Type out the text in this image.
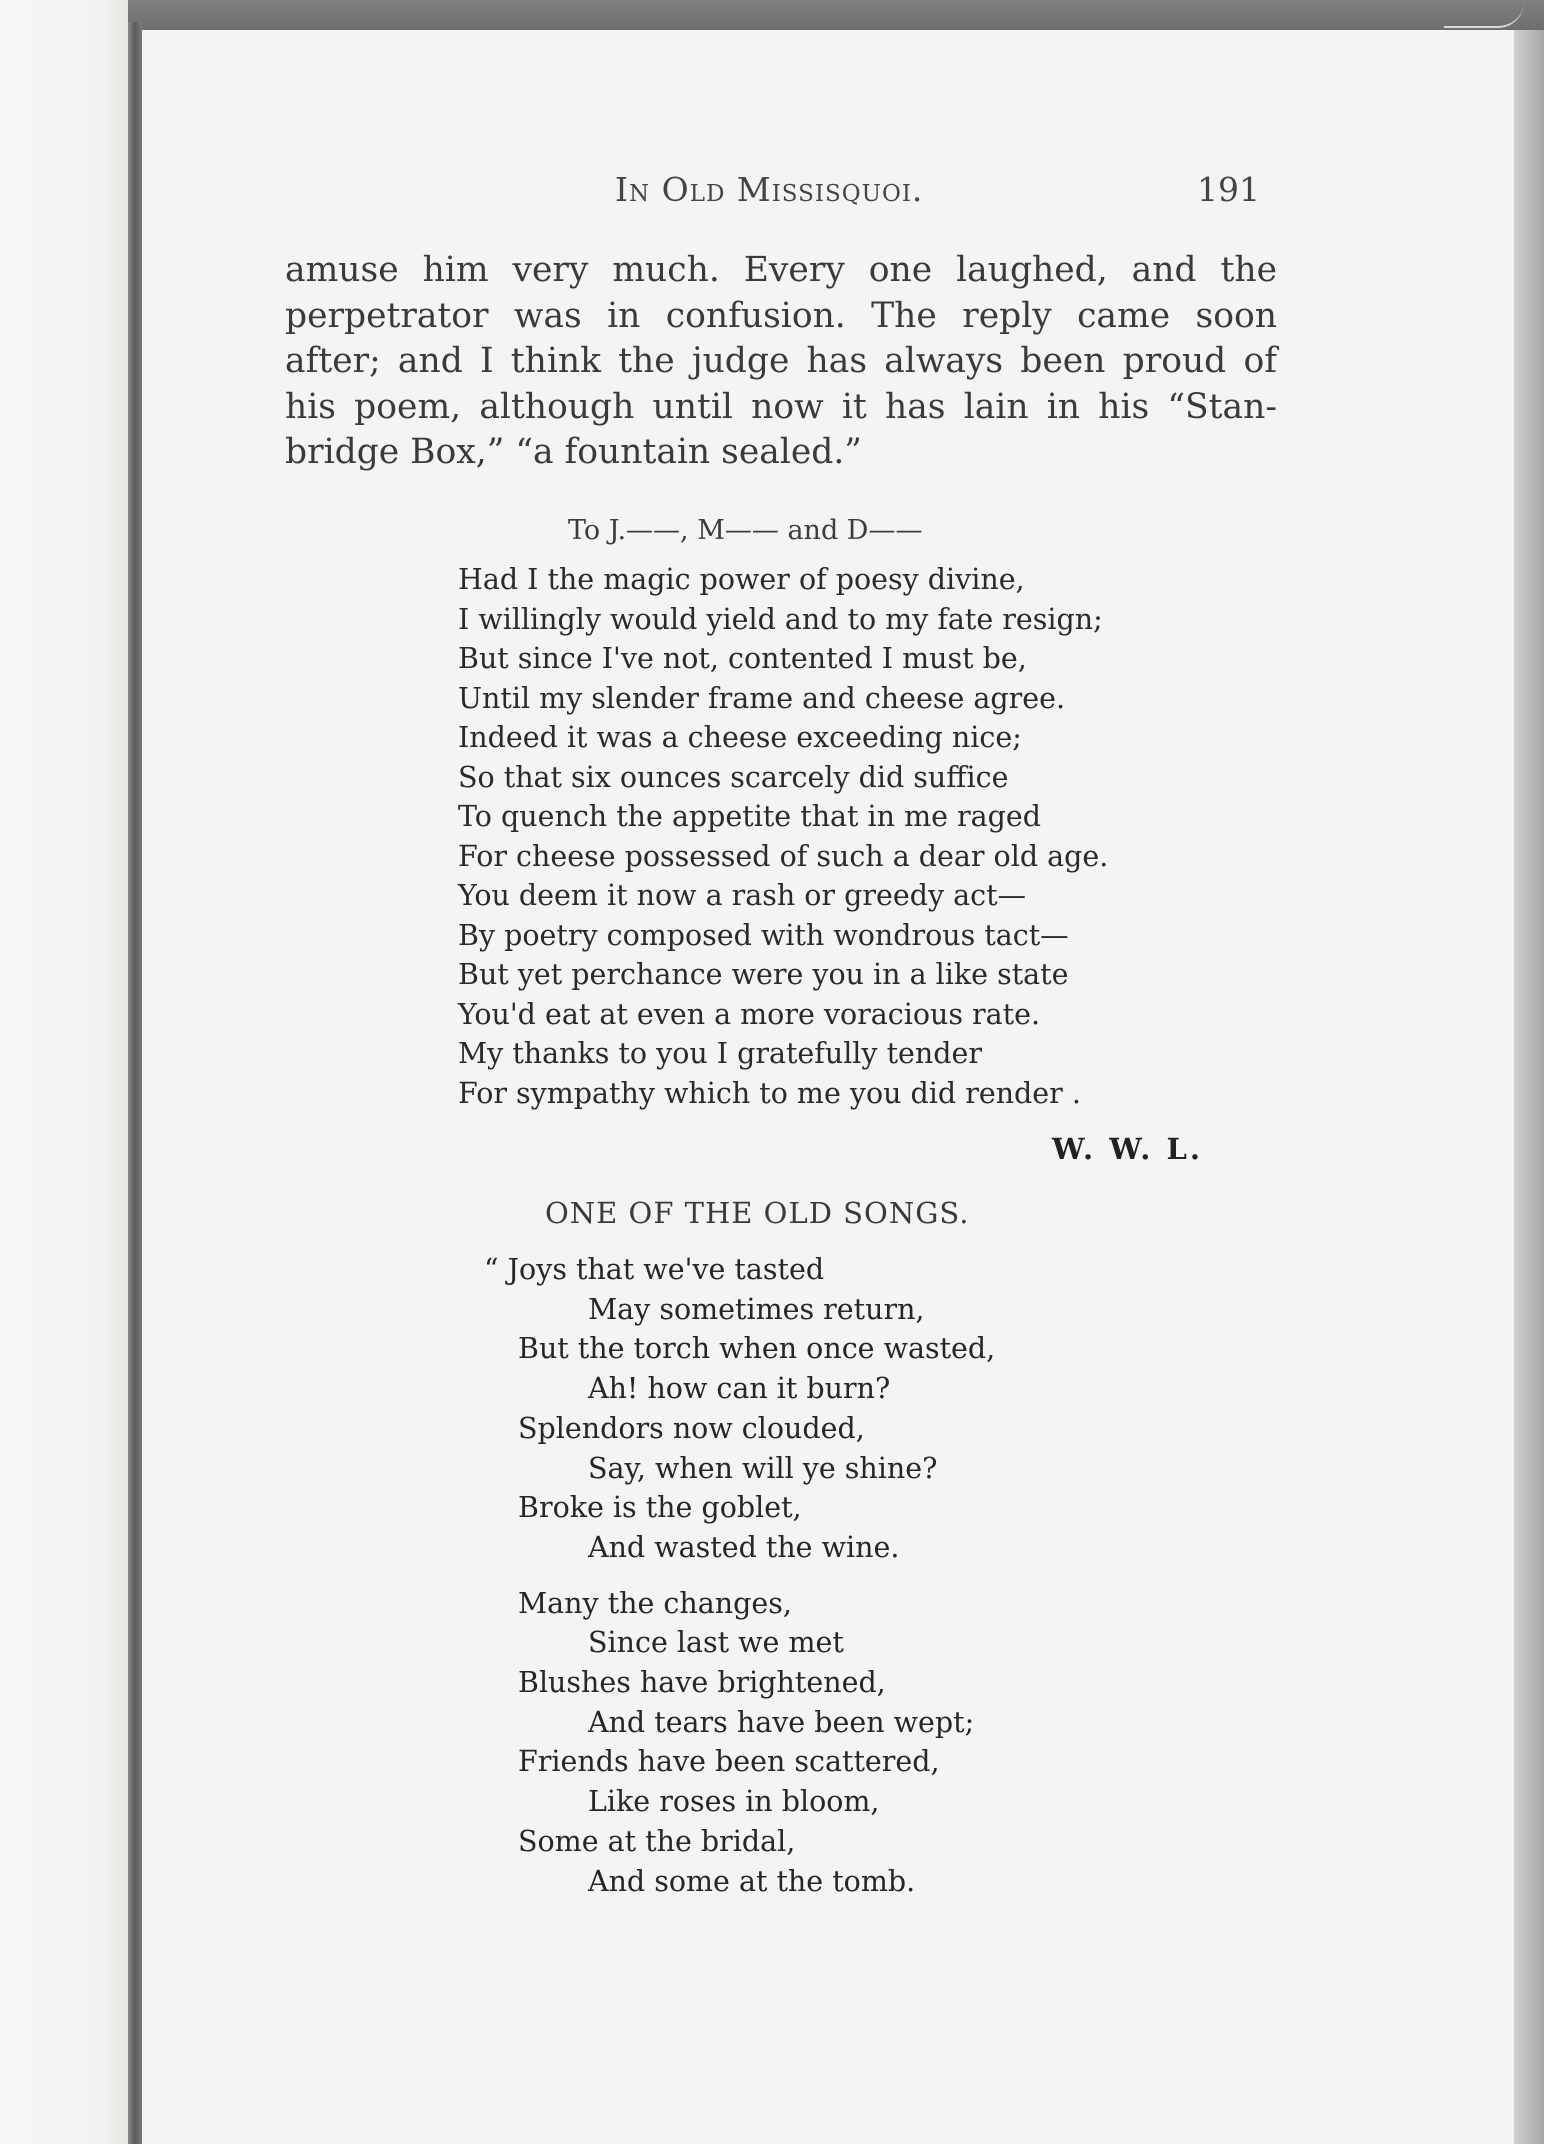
In Old Missisquoi.	191
amuse him very much. Every one laughed, and the
perpetrator was in confusion. The reply came soon
after; and I think the judge has always been proud of
his poem, although until now it has lain in his “Stan-
bridge Box,” “a fountain sealed.”
To J.——, M—— and D——
Had I the magic power of poesy divine,
I willingly would yield and to my fate resign;
But since I've not, contented I must be,
Until my slender frame and cheese agree.
Indeed it was a cheese exceeding nice;
So that six ounces scarcely did suffice
To quench the appetite that in me raged
For cheese possessed of such a dear old age.
You deem it now a rash or greedy act—
By poetry composed with wondrous tact—
But yet perchance were you in a like state
You'd eat at even a more voracious rate.
My thanks to you I gratefully tender
For sympathy which to me you did render .
W. W. L.
ONE OF THE OLD SONGS.
“ Joys that we've tasted
May sometimes return,
But the torch when once wasted,
Ah! how can it burn?
Splendors now clouded,
Say, when will ye shine?
Broke is the goblet,
And wasted the wine.
Many the changes,
Since last we met
Blushes have brightened,
And tears have been wept;
Friends have been scattered,
Like roses in bloom,
Some at the bridal,
And some at the tomb.
